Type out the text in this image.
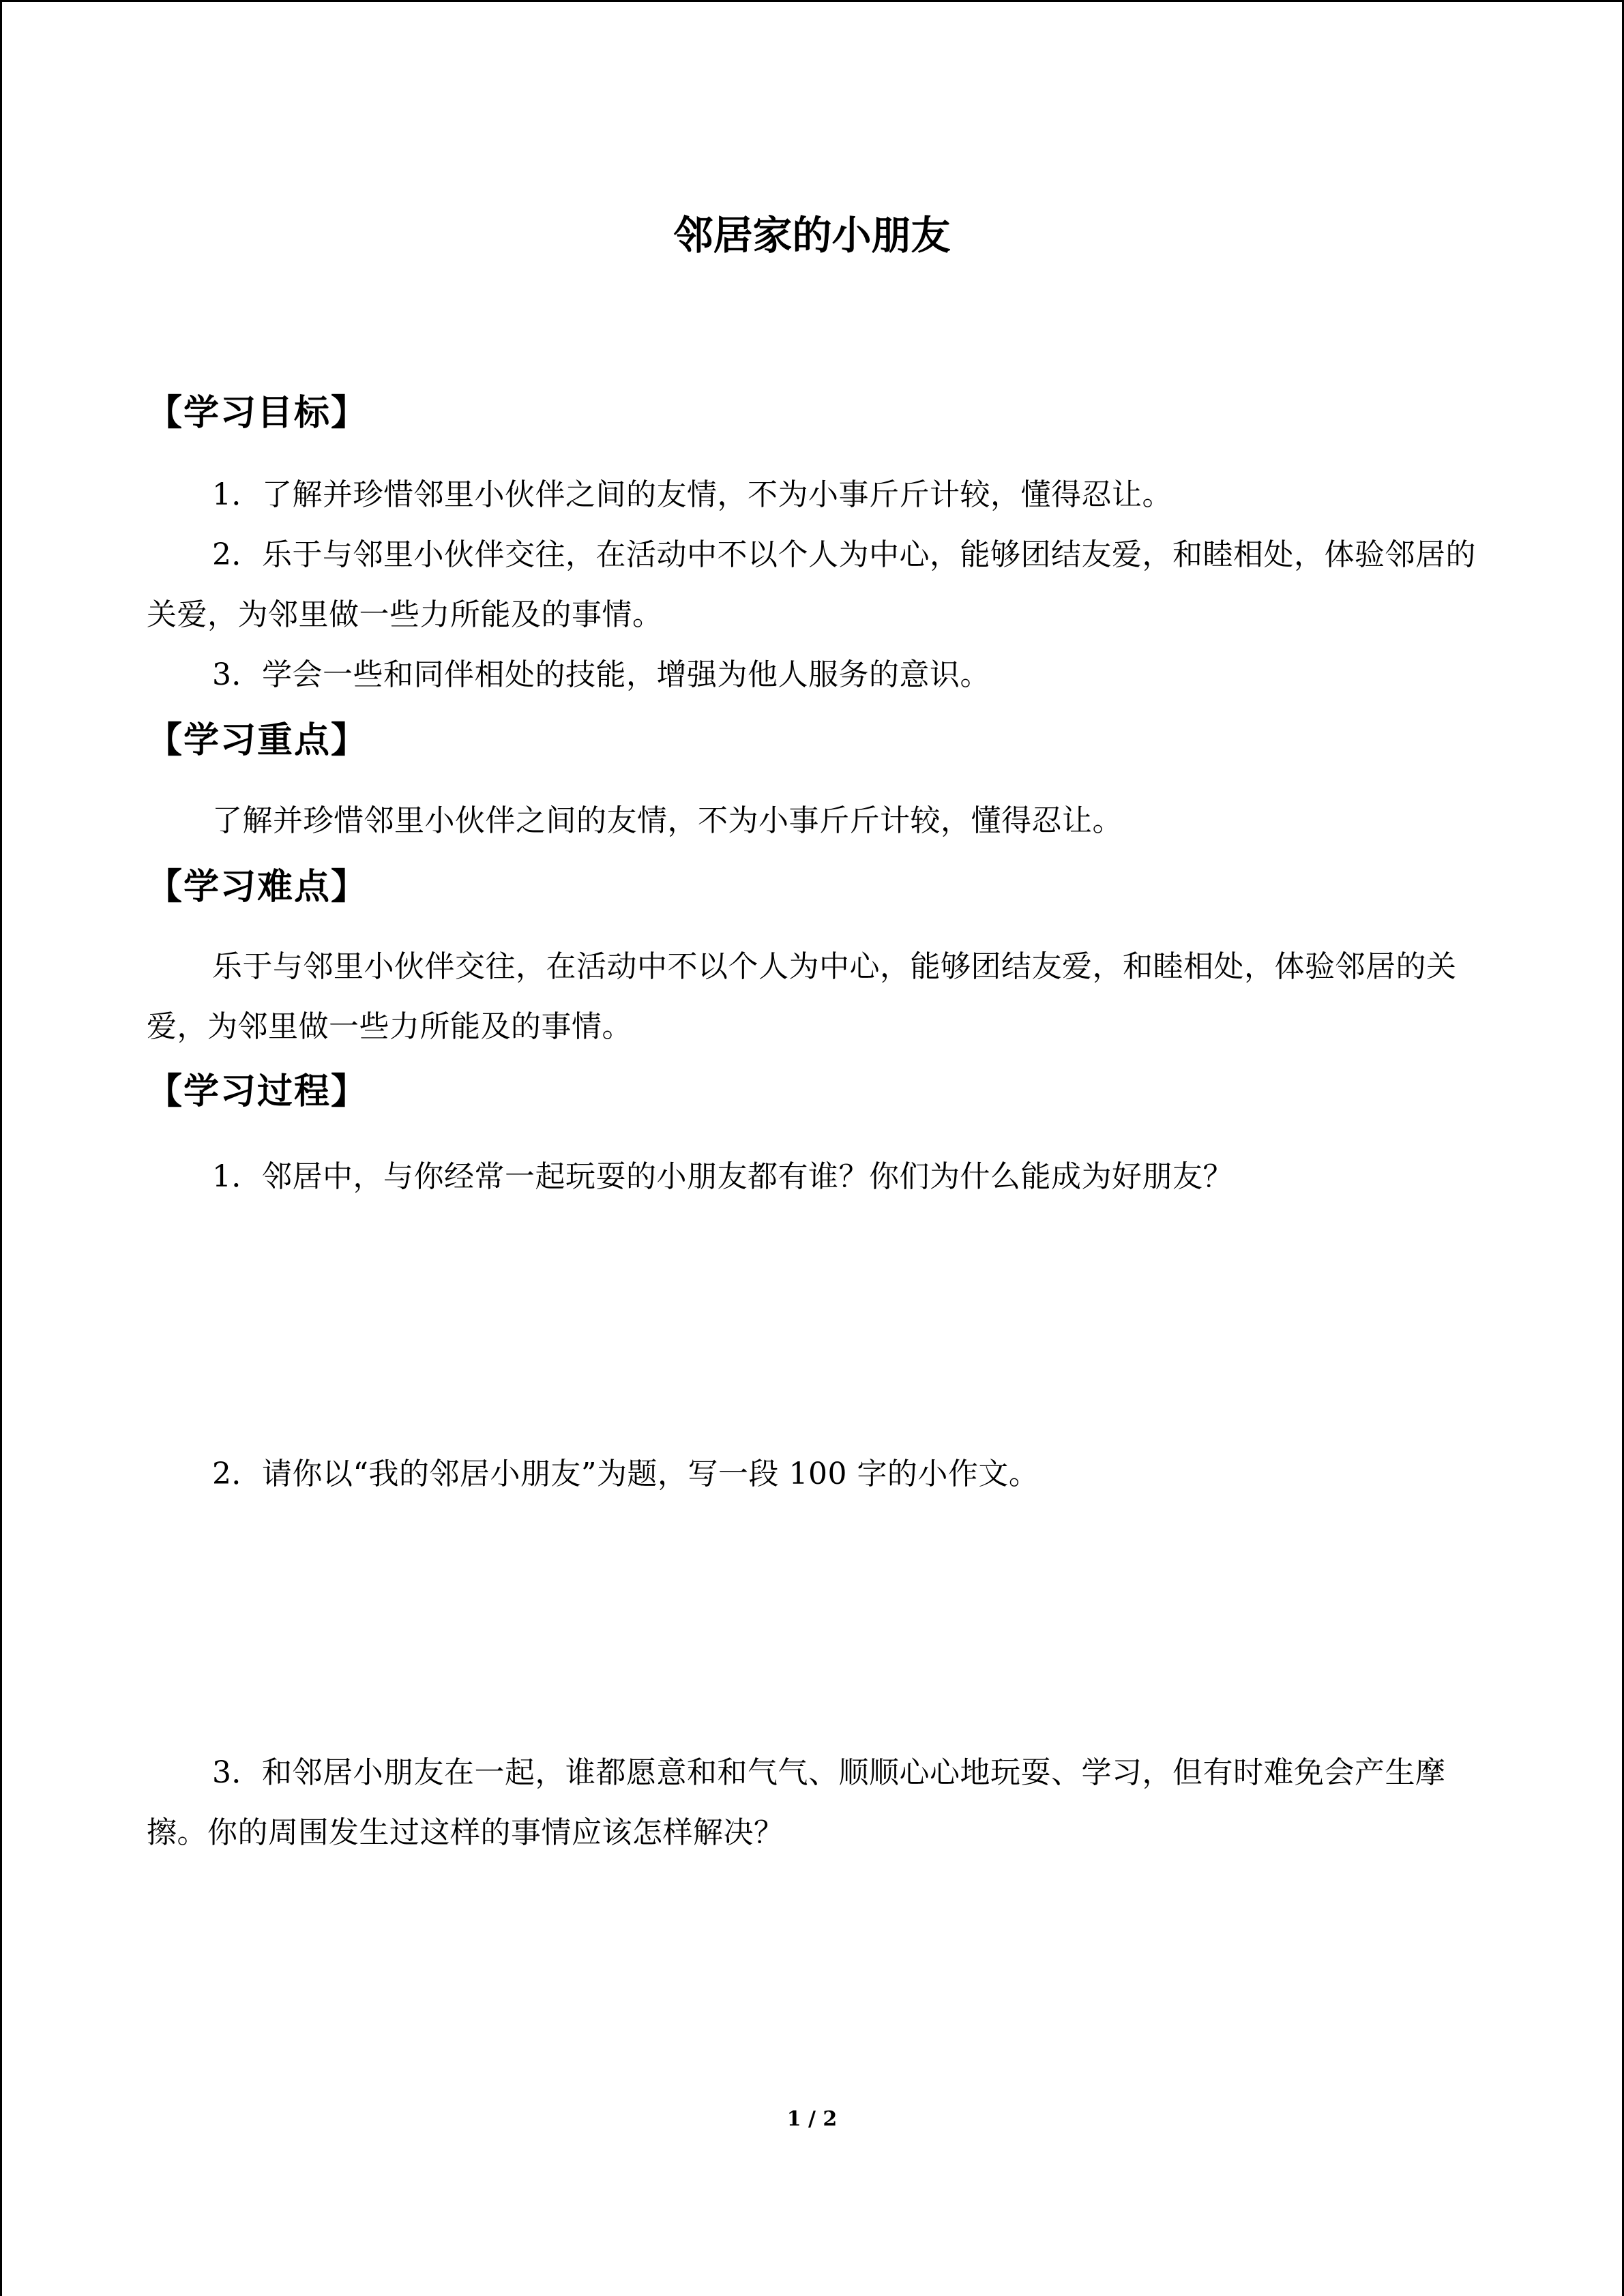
邻居家的小朋友
【学习目标】
1．了解并珍惜邻里小伙伴之间的友情，不为小事斤斤计较，懂得忍让。
2．乐于与邻里小伙伴交往，在活动中不以个人为中心，能够团结友爱，和睦相处，体验邻居的关爱，为邻里做一些力所能及的事情。
3．学会一些和同伴相处的技能，增强为他人服务的意识。
【学习重点】
了解并珍惜邻里小伙伴之间的友情，不为小事斤斤计较，懂得忍让。
【学习难点】
乐于与邻里小伙伴交往，在活动中不以个人为中心，能够团结友爱，和睦相处，体验邻居的关爱，为邻里做一些力所能及的事情。
【学习过程】
1．邻居中，与你经常一起玩耍的小朋友都有谁？你们为什么能成为好朋友？
2．请你以“我的邻居小朋友”为题，写一段 100 字的小作文。
3．和邻居小朋友在一起，谁都愿意和和气气、顺顺心心地玩耍、学习，但有时难免会产生摩擦。你的周围发生过这样的事情应该怎样解决？
1 / 2
